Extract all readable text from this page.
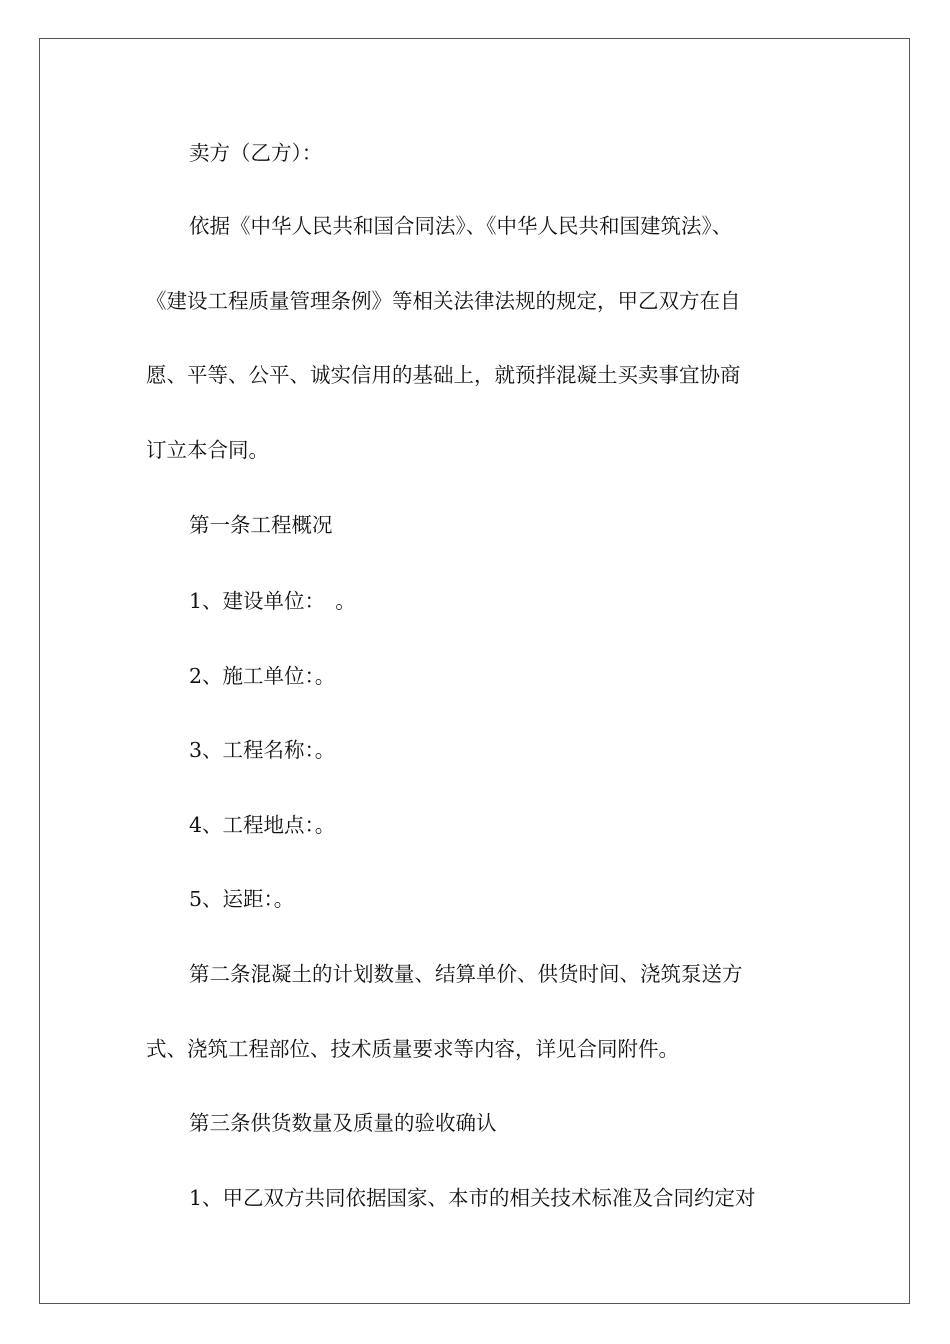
卖方（乙方）：

依据《中华人民共和国合同法》、《中华人民共和国建筑法》、

《建设工程质量管理条例》等相关法律法规的规定，甲乙双方在自

愿、平等、公平、诚实信用的基础上，就预拌混凝土买卖事宜协商

订立本合同。

第一条工程概况

1、建设单位：　。

2、施工单位：。

3、工程名称：。

4、工程地点：。

5、运距：。

第二条混凝土的计划数量、结算单价、供货时间、浇筑泵送方

式、浇筑工程部位、技术质量要求等内容，详见合同附件。

第三条供货数量及质量的验收确认

1、甲乙双方共同依据国家、本市的相关技术标准及合同约定对
